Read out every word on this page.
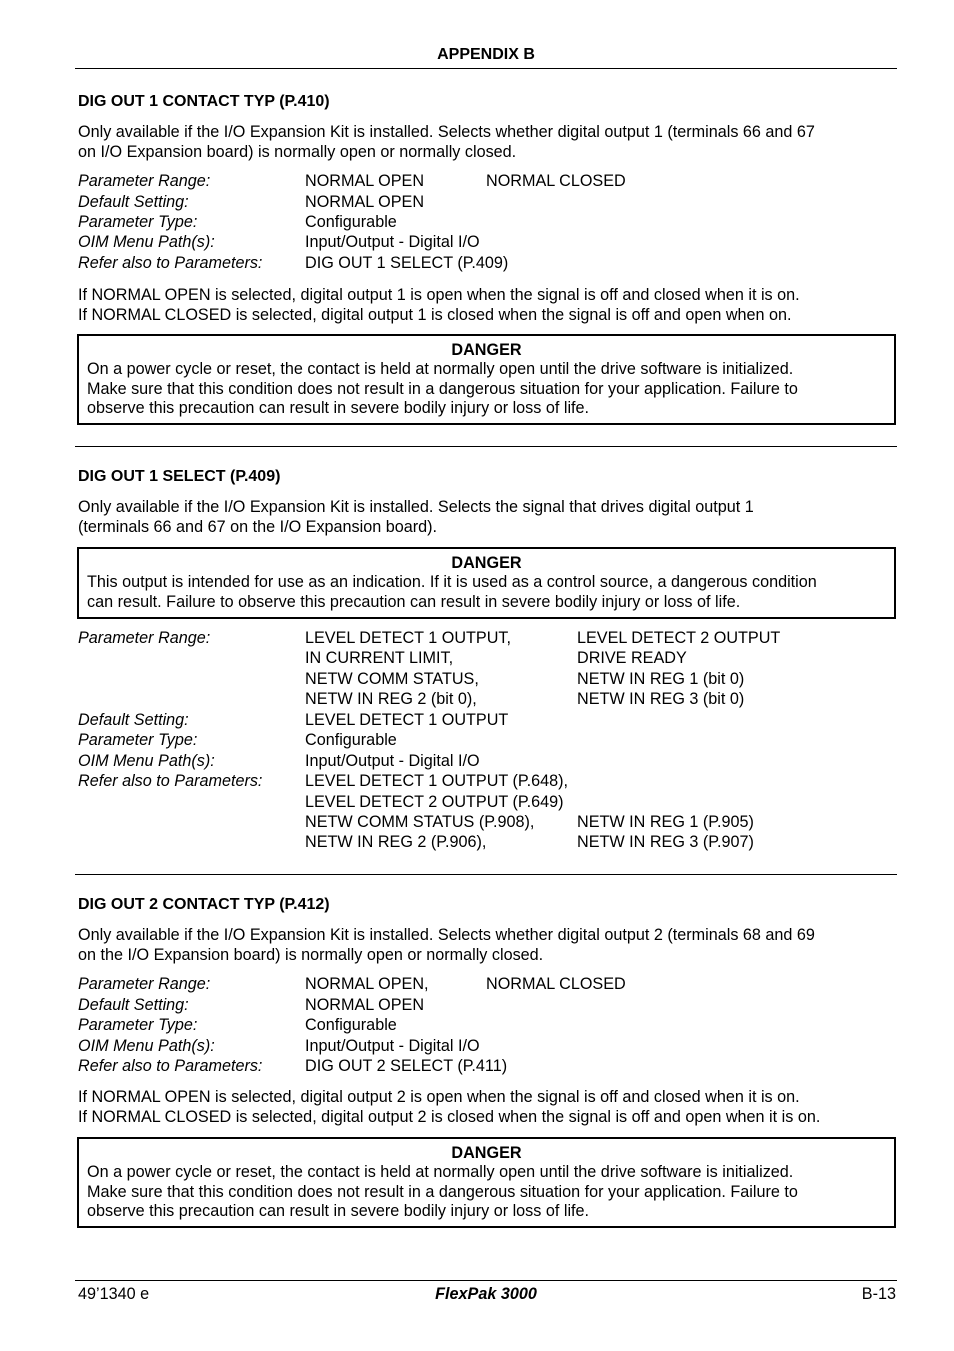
APPENDIX B
DIG OUT 1 CONTACT TYP (P.410)
Only available if the I/O Expansion Kit is installed. Selects whether digital output 1 (terminals 66 and 67
on I/O Expansion board) is normally open or normally closed.
Parameter Range:	NORMAL OPEN	NORMAL CLOSED
Default Setting:	NORMAL OPEN
Parameter Type:	Configurable
OIM Menu Path(s):	Input/Output - Digital I/O
Refer also to Parameters:	DIG OUT 1 SELECT (P.409)
If NORMAL OPEN is selected, digital output 1 is open when the signal is off and closed when it is on.
If NORMAL CLOSED is selected, digital output 1 is closed when the signal is off and open when on.
DANGER
On a power cycle or reset, the contact is held at normally open until the drive software is initialized.
Make sure that this condition does not result in a dangerous situation for your application. Failure to
observe this precaution can result in severe bodily injury or loss of life.
DIG OUT 1 SELECT (P.409)
Only available if the I/O Expansion Kit is installed. Selects the signal that drives digital output 1
(terminals 66 and 67 on the I/O Expansion board).
DANGER
This output is intended for use as an indication. If it is used as a control source, a dangerous condition
can result. Failure to observe this precaution can result in severe bodily injury or loss of life.
Parameter Range:	LEVEL DETECT 1 OUTPUT,	LEVEL DETECT 2 OUTPUT
IN CURRENT LIMIT,	DRIVE READY
NETW COMM STATUS,	NETW IN REG 1 (bit 0)
NETW IN REG 2 (bit 0),	NETW IN REG 3 (bit 0)
Default Setting:	LEVEL DETECT 1 OUTPUT
Parameter Type:	Configurable
OIM Menu Path(s):	Input/Output - Digital I/O
Refer also to Parameters:	LEVEL DETECT 1 OUTPUT (P.648),
LEVEL DETECT 2 OUTPUT (P.649)
NETW COMM STATUS (P.908),	NETW IN REG 1 (P.905)
NETW IN REG 2 (P.906),	NETW IN REG 3 (P.907)
DIG OUT 2 CONTACT TYP (P.412)
Only available if the I/O Expansion Kit is installed. Selects whether digital output 2 (terminals 68 and 69
on the I/O Expansion board) is normally open or normally closed.
Parameter Range:	NORMAL OPEN,	NORMAL CLOSED
Default Setting:	NORMAL OPEN
Parameter Type:	Configurable
OIM Menu Path(s):	Input/Output - Digital I/O
Refer also to Parameters:	DIG OUT 2 SELECT (P.411)
If NORMAL OPEN is selected, digital output 2 is open when the signal is off and closed when it is on.
If NORMAL CLOSED is selected, digital output 2 is closed when the signal is off and open when it is on.
DANGER
On a power cycle or reset, the contact is held at normally open until the drive software is initialized.
Make sure that this condition does not result in a dangerous situation for your application. Failure to
observe this precaution can result in severe bodily injury or loss of life.
49’1340 e	FlexPak 3000	B-13
